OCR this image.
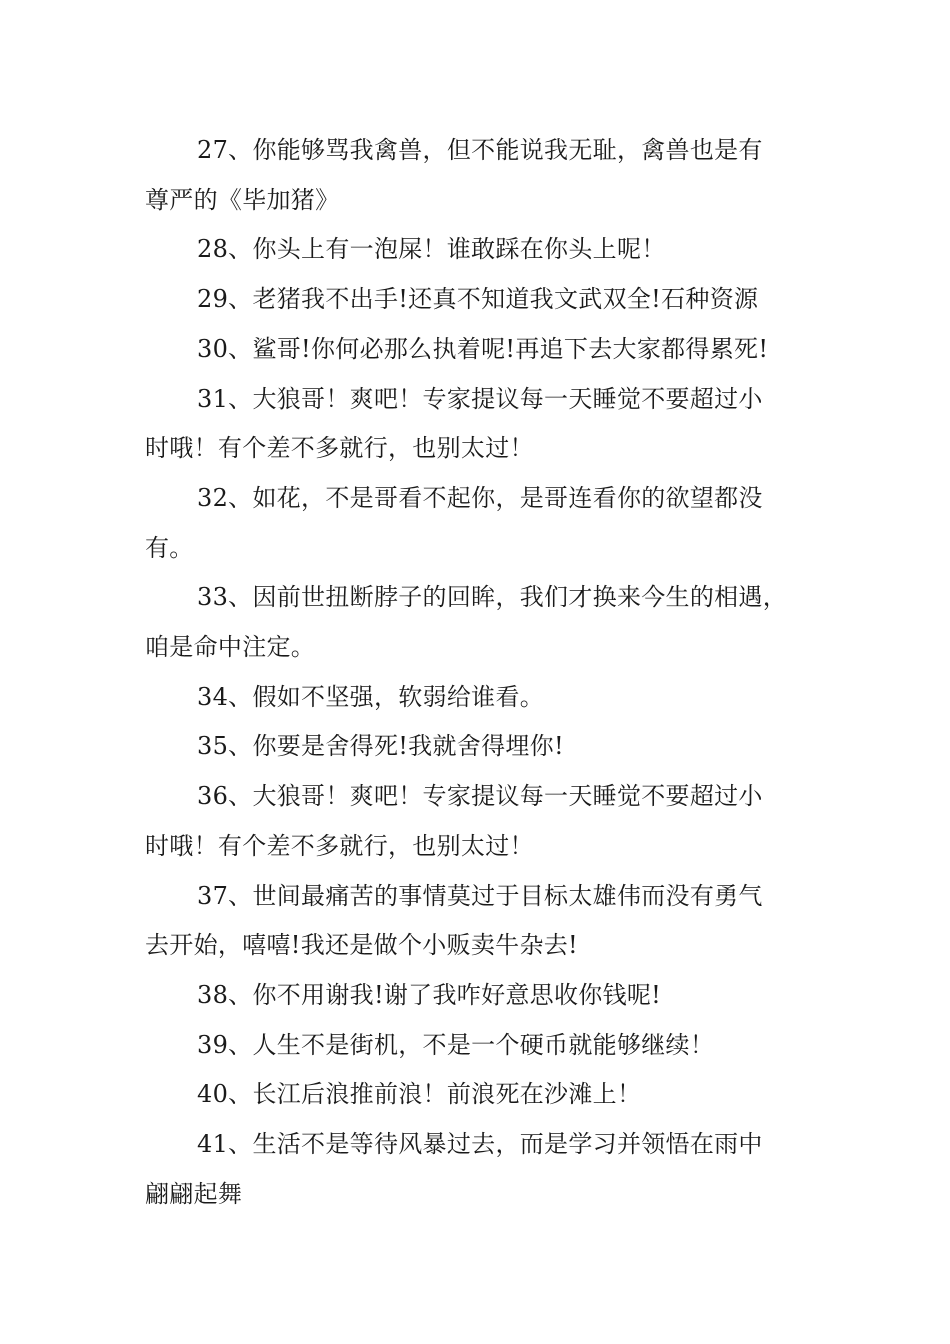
27、你能够骂我禽兽，但不能说我无耻，禽兽也是有
尊严的《毕加猪》
28、你头上有一泡屎！谁敢踩在你头上呢！
29、老猪我不出手!还真不知道我文武双全!石种资源
30、鲨哥!你何必那么执着呢!再追下去大家都得累死!
31、大狼哥！爽吧！专家提议每一天睡觉不要超过小
时哦！有个差不多就行，也别太过！
32、如花，不是哥看不起你，是哥连看你的欲望都没
有。
33、因前世扭断脖子的回眸，我们才换来今生的相遇，
咱是命中注定。
34、假如不坚强，软弱给谁看。
35、你要是舍得死!我就舍得埋你!
36、大狼哥！爽吧！专家提议每一天睡觉不要超过小
时哦！有个差不多就行，也别太过！
37、世间最痛苦的事情莫过于目标太雄伟而没有勇气
去开始，嘻嘻!我还是做个小贩卖牛杂去!
38、你不用谢我!谢了我咋好意思收你钱呢!
39、人生不是街机，不是一个硬币就能够继续！
40、长江后浪推前浪！前浪死在沙滩上！
41、生活不是等待风暴过去，而是学习并领悟在雨中
翩翩起舞
